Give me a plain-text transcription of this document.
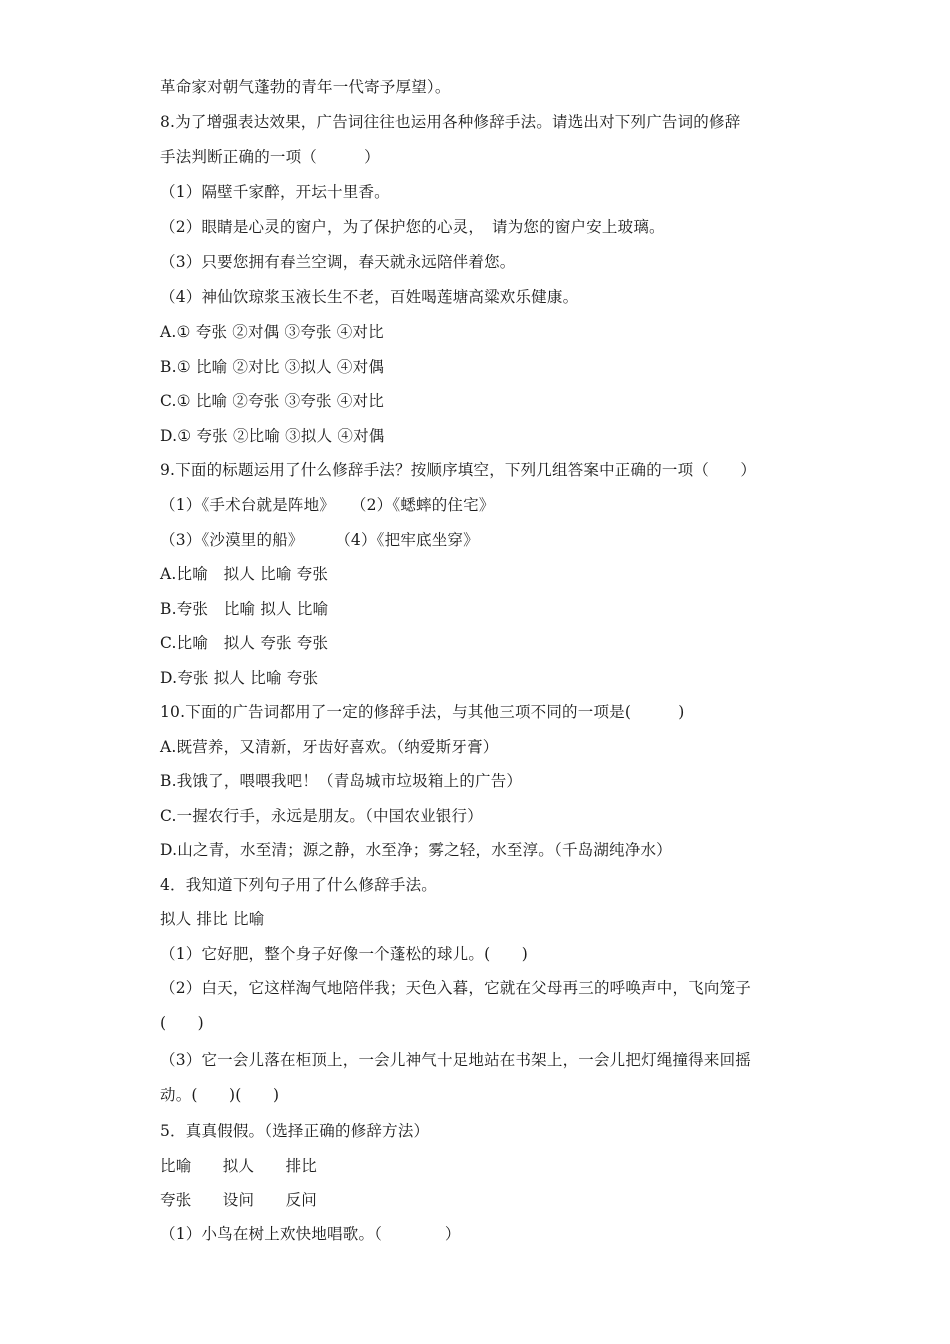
革命家对朝气蓬勃的青年一代寄予厚望）。
8.为了增强表达效果，广告词往往也运用各种修辞手法。请选出对下列广告词的修辞
手法判断正确的一项（　　　）
（1）隔壁千家醉，开坛十里香。
（2）眼睛是心灵的窗户，为了保护您的心灵，　请为您的窗户安上玻璃。
（3）只要您拥有春兰空调，春天就永远陪伴着您。
（4）神仙饮琼浆玉液长生不老，百姓喝莲塘高粱欢乐健康。
A.① 夸张 ②对偶 ③夸张 ④对比
B.① 比喻 ②对比 ③拟人 ④对偶
C.① 比喻 ②夸张 ③夸张 ④对比
D.① 夸张 ②比喻 ③拟人 ④对偶
9.下面的标题运用了什么修辞手法？按顺序填空，下列几组答案中正确的一项（　　）
（1）《手术台就是阵地》　　（2）《蟋蟀的住宅》
（3）《沙漠里的船》　　　（4）《把牢底坐穿》
A.比喻　拟人 比喻 夸张
B.夸张　比喻 拟人 比喻
C.比喻　拟人 夸张 夸张
D.夸张 拟人 比喻 夸张
10.下面的广告词都用了一定的修辞手法，与其他三项不同的一项是(　　　)
A.既营养，又清新，牙齿好喜欢。（纳爱斯牙膏）
B.我饿了，喂喂我吧！（青岛城市垃圾箱上的广告）
C.一握农行手，永远是朋友。（中国农业银行）
D.山之青，水至清；源之静，水至净；雾之轻，水至淳。（千岛湖纯净水）
4．我知道下列句子用了什么修辞手法。
拟人 排比 比喻
（1）它好肥，整个身子好像一个蓬松的球儿。(　　)
（2）白天，它这样淘气地陪伴我；天色入暮，它就在父母再三的呼唤声中，飞向笼子
(　　)
（3）它一会儿落在柜顶上，一会儿神气十足地站在书架上，一会儿把灯绳撞得来回摇
动。(　　)(　　)
5．真真假假。（选择正确的修辞方法）
比喻　　拟人　　排比
夸张　　设问　　反问
（1）小鸟在树上欢快地唱歌。（　　　　）
